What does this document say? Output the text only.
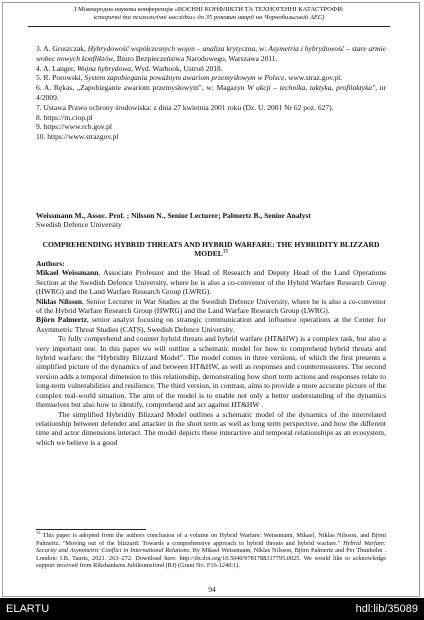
І Міжнародна наукова конференція «ВОЄННІ КОНФЛІКТИ ТА ТЕХНОГЕННІ КАТАСТРОФИ:
історичні та психологічні наслідки» до 35 роковин аварії на Чорнобильській АЕС)

3. A. Gruszczak, Hybrydowość współczesnych wojen – analiza krytyczna, w: Asymetria i hybrydowość – stare armie wobec nowych konfliktów, Biuro Bezpieczeństwa Narodowego, Warszawa 2011.

4. A. Langer, Wojna hybrydowa, Wyd. Warbook, Ustroń 2018.

5. R. Porowski, System zapobiegania poważnym awariom przemysłowym w Polsce, www.straz.gov.pl.

6. A. Rękas, „Zapobieganie awariom przemysłowym", w: Magazyn W akcji – technika, taktyka, profilaktyka", nr 4/2009.

7. Ustawa Prawo ochrony środowiska: z dnia 27 kwietnia 2001 roku (Dz. U. 2001 Nr 62 poz. 627).

8. https://m.ciop.pl

9. https://www.rcb.gov.pl

10. https://www.strazgov.pl

Weissmann M., Assoc. Prof. ; Nilsson N., Senior Lecturer; Palmertz B., Senior Analyst
Swedish Defence University
COMPREHENDING HYBRID THREATS AND HYBRID WARFARE: THE HYBRIDITY BLIZZARD MODEL$^{13}$

Authors:

Mikael Weissmann, Associate Professor and the Head of Research and Deputy Head of the Land Operations Section at the Swedish Defence University, where he is also a co-convenor of the Hybrid Warfare Research Group (HWRG) and the Land Warfare Research Group (LWRG).

Niklas Nilsson, Senior Lecturer in War Studies at the Swedish Defence University, where he is also a co-convenor of the Hybrid Warfare Research Group (HWRG) and the Land Warfare Research Group (LWRG).

Björn Palmertz, senior analyst focusing on strategic communication and influence operations at the Center for Asymmetric Threat Studies (CATS), Swedish Defence University.

To fully comprehend and counter hybrid threats and hybrid warfare (HT&HW) is a complex task, but also a very important one. In this paper we will outline a schematic model for how to comprehend hybrid threats and hybrid warfare: the “Hybridity Blizzard Model”. The model comes in three versions, of which the first presents a simplified picture of the dynamics of and between HT&HW, as well as responses and countermeasures. The second version adds a temporal dimension to this relationship, demonstrating how short term actions and responses relate to long-term vulnerabilities and resilience. The third version, in contrast, aims to provide a more accurate picture of the complex real-world situation. The aim of the model is to enable not only a better understanding of the dynamics themselves but also how to identify, comprehend and act against HT&HW .

The simplified Hybridity Blizzard Model outlines a schematic model of the dynamics of the interrelated relationship between defender and attacker in the short term as well as long term perspective, and how the different time and actor dimensions interact. The model depicts these interactive and temporal relationships as an ecosystem, which we believe is a good

$^{13}$ This paper is adopted from the authors conclusion of a volume on Hybrid Warfare: Weissmann, Mikael, Niklas Nilsson, and Björn Palmertz. "Moving out of the blizzard: Towards a comprehensive approach to hybrid threats and hybrid warfare." Hybrid Warfare: Security and Asymmetric Conflict in International Relations. By Mikael Weissmann, Niklas Nilsson, Björn Palmertz and Per Thunholm . London: I.B. Tauris, 2021. 263–272. Download here: http://dx.doi.org/10.5040/9781788317795.0025. We would like to acknowledge support received from Riksbankens Jubileumsfond (RJ) (Grant No. F16-1240:1).
94
ELARTU	hdl:lib/35089
